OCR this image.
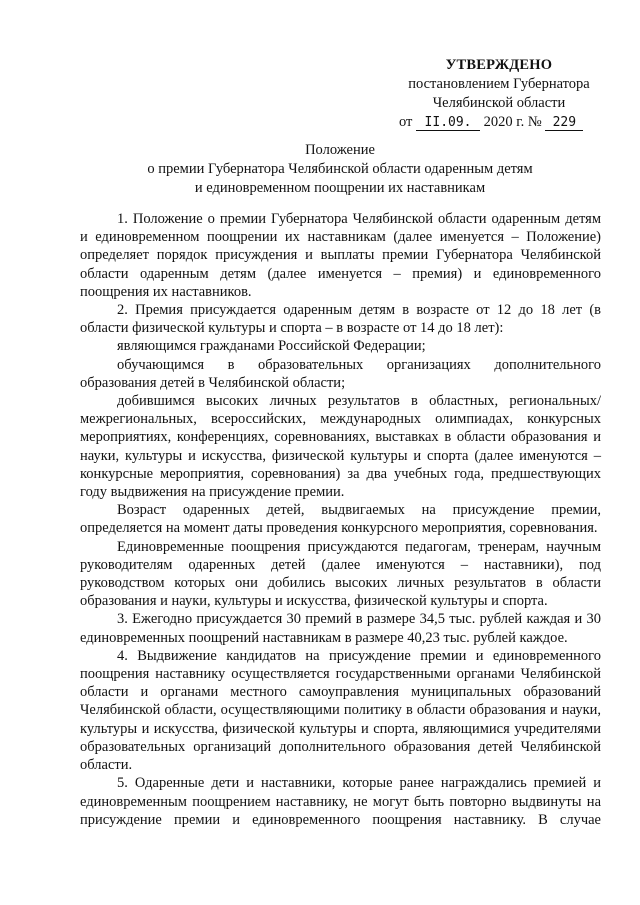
УТВЕРЖДЕНО
постановлением Губернатора
Челябинской области
от II.09. 2020 г. № 229
Положение
о премии Губернатора Челябинской области одаренным детям
и единовременном поощрении их наставникам

1. Положение о премии Губернатора Челябинской области одаренным детям и единовременном поощрении их наставникам (далее именуется – Положение) определяет порядок присуждения и выплаты премии Губернатора Челябинской области одаренным детям (далее именуется – премия) и единовременного поощрения их наставников.

2. Премия присуждается одаренным детям в возрасте от 12 до 18 лет (в области физической культуры и спорта – в возрасте от 14 до 18 лет):

являющимся гражданами Российской Федерации;

обучающимся в образовательных организациях дополнительного образования детей в Челябинской области;

добившимся высоких личных результатов в областных, региональных/межрегиональных, всероссийских, международных олимпиадах, конкурсных мероприятиях, конференциях, соревнованиях, выставках в области образования и науки, культуры и искусства, физической культуры и спорта (далее именуются – конкурсные мероприятия, соревнования) за два учебных года, предшествующих году выдвижения на присуждение премии.

Возраст одаренных детей, выдвигаемых на присуждение премии, определяется на момент даты проведения конкурсного мероприятия, соревнования.

Единовременные поощрения присуждаются педагогам, тренерам, научным руководителям одаренных детей (далее именуются – наставники), под руководством которых они добились высоких личных результатов в области образования и науки, культуры и искусства, физической культуры и спорта.

3. Ежегодно присуждается 30 премий в размере 34,5 тыс. рублей каждая и 30 единовременных поощрений наставникам в размере 40,23 тыс. рублей каждое.

4. Выдвижение кандидатов на присуждение премии и единовременного поощрения наставнику осуществляется государственными органами Челябинской области и органами местного самоуправления муниципальных образований Челябинской области, осуществляющими политику в области образования и науки, культуры и искусства, физической культуры и спорта, являющимися учредителями образовательных организаций дополнительного образования детей Челябинской области.

5. Одаренные дети и наставники, которые ранее награждались премией и единовременным поощрением наставнику, не могут быть повторно выдвинуты на присуждение премии и единовременного поощрения наставнику. В случае
